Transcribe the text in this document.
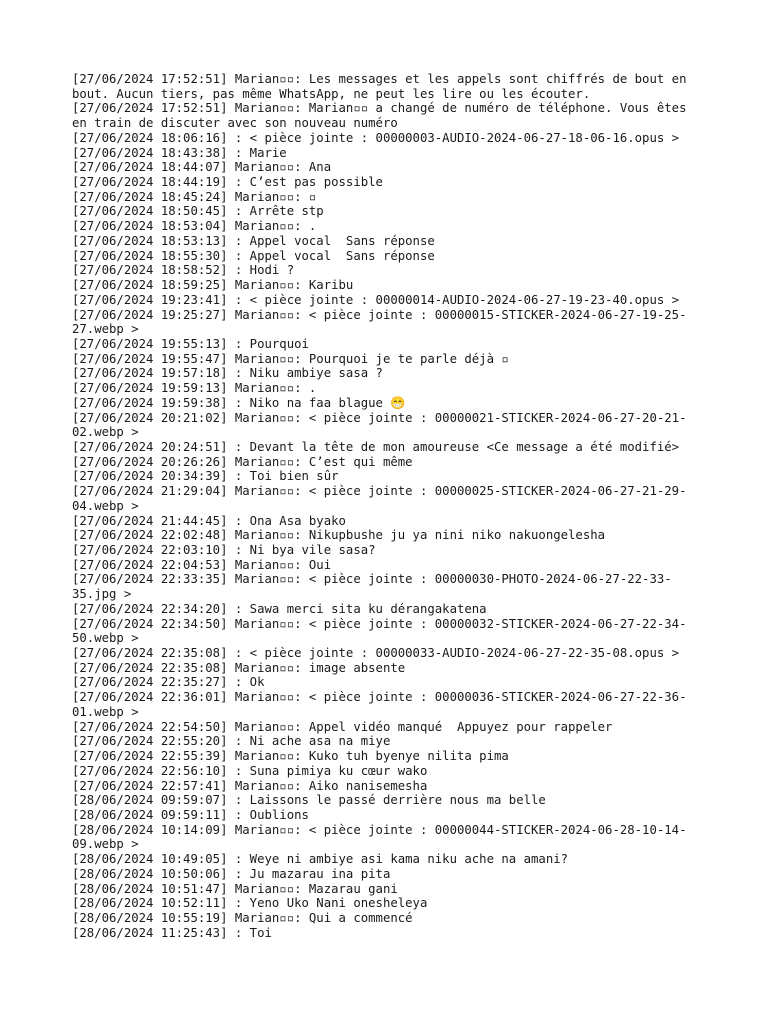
[27/06/2024 17:52:51] Marian▫▫: Les messages et les appels sont chiffrés de bout en
bout. Aucun tiers, pas même WhatsApp, ne peut les lire ou les écouter.
[27/06/2024 17:52:51] Marian▫▫: Marian▫▫ a changé de numéro de téléphone. Vous êtes
en train de discuter avec son nouveau numéro
[27/06/2024 18:06:16] : < pièce jointe : 00000003-AUDIO-2024-06-27-18-06-16.opus >
[27/06/2024 18:43:38] : Marie
[27/06/2024 18:44:07] Marian▫▫: Ana
[27/06/2024 18:44:19] : C’est pas possible
[27/06/2024 18:45:24] Marian▫▫: ▫
[27/06/2024 18:50:45] : Arrête stp
[27/06/2024 18:53:04] Marian▫▫: .
[27/06/2024 18:53:13] : Appel vocal  Sans réponse
[27/06/2024 18:55:30] : Appel vocal  Sans réponse
[27/06/2024 18:58:52] : Hodi ?
[27/06/2024 18:59:25] Marian▫▫: Karibu
[27/06/2024 19:23:41] : < pièce jointe : 00000014-AUDIO-2024-06-27-19-23-40.opus >
[27/06/2024 19:25:27] Marian▫▫: < pièce jointe : 00000015-STICKER-2024-06-27-19-25-
27.webp >
[27/06/2024 19:55:13] : Pourquoi
[27/06/2024 19:55:47] Marian▫▫: Pourquoi je te parle déjà ▫
[27/06/2024 19:57:18] : Niku ambiye sasa ?
[27/06/2024 19:59:13] Marian▫▫: .
[27/06/2024 19:59:38] : Niko na faa blague 😁
[27/06/2024 20:21:02] Marian▫▫: < pièce jointe : 00000021-STICKER-2024-06-27-20-21-
02.webp >
[27/06/2024 20:24:51] : Devant la tête de mon amoureuse <Ce message a été modifié>
[27/06/2024 20:26:26] Marian▫▫: C’est qui même
[27/06/2024 20:34:39] : Toi bien sûr
[27/06/2024 21:29:04] Marian▫▫: < pièce jointe : 00000025-STICKER-2024-06-27-21-29-
04.webp >
[27/06/2024 21:44:45] : Ona Asa byako
[27/06/2024 22:02:48] Marian▫▫: Nikupbushe ju ya nini niko nakuongelesha
[27/06/2024 22:03:10] : Ni bya vile sasa?
[27/06/2024 22:04:53] Marian▫▫: Oui
[27/06/2024 22:33:35] Marian▫▫: < pièce jointe : 00000030-PHOTO-2024-06-27-22-33-
35.jpg >
[27/06/2024 22:34:20] : Sawa merci sita ku dérangakatena
[27/06/2024 22:34:50] Marian▫▫: < pièce jointe : 00000032-STICKER-2024-06-27-22-34-
50.webp >
[27/06/2024 22:35:08] : < pièce jointe : 00000033-AUDIO-2024-06-27-22-35-08.opus >
[27/06/2024 22:35:08] Marian▫▫: image absente
[27/06/2024 22:35:27] : Ok
[27/06/2024 22:36:01] Marian▫▫: < pièce jointe : 00000036-STICKER-2024-06-27-22-36-
01.webp >
[27/06/2024 22:54:50] Marian▫▫: Appel vidéo manqué  Appuyez pour rappeler
[27/06/2024 22:55:20] : Ni ache asa na miye
[27/06/2024 22:55:39] Marian▫▫: Kuko tuh byenye nilita pima
[27/06/2024 22:56:10] : Suna pimiya ku cœur wako
[27/06/2024 22:57:41] Marian▫▫: Aiko nanisemesha
[28/06/2024 09:59:07] : Laissons le passé derrière nous ma belle
[28/06/2024 09:59:11] : Oublions
[28/06/2024 10:14:09] Marian▫▫: < pièce jointe : 00000044-STICKER-2024-06-28-10-14-
09.webp >
[28/06/2024 10:49:05] : Weye ni ambiye asi kama niku ache na amani?
[28/06/2024 10:50:06] : Ju mazarau ina pita
[28/06/2024 10:51:47] Marian▫▫: Mazarau gani
[28/06/2024 10:52:11] : Yeno Uko Nani onesheleya
[28/06/2024 10:55:19] Marian▫▫: Qui a commencé
[28/06/2024 11:25:43] : Toi
